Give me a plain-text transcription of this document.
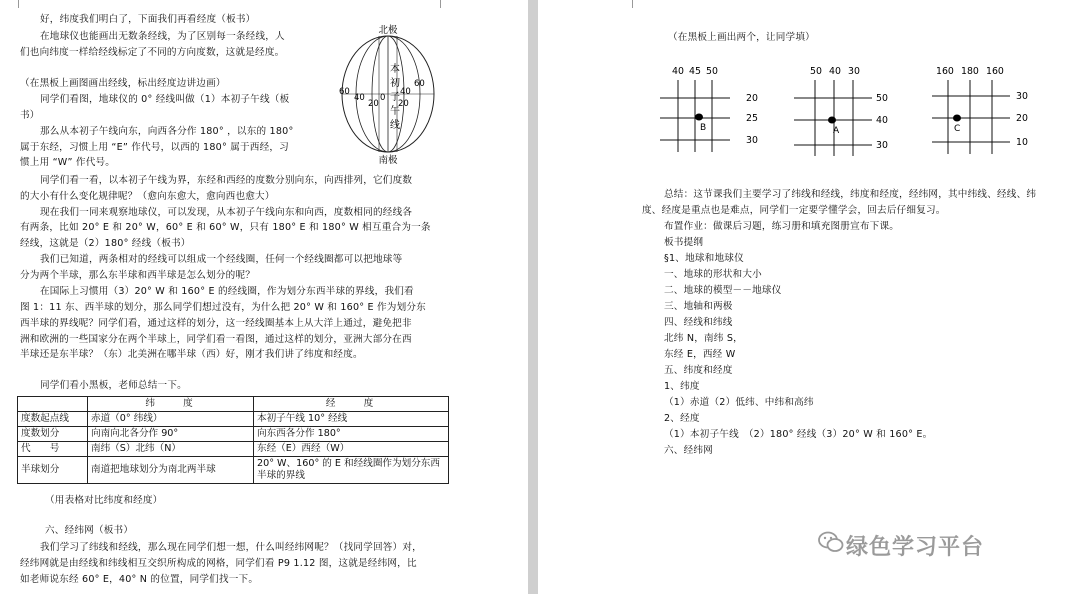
好，纬度我们明白了，下面我们再看经度（板书）
在地球仪也能画出无数条经线，为了区别每一条经线，人
们也向纬度一样给经线标定了不同的方向度数，这就是经度。
（在黑板上画图画出经线，标出经度边讲边画）
同学们看图，地球仪的 0° 经线叫做（1）本初子午线（板
书）
那么从本初子午线向东，向西各分作 180° ，以东的 180°
属于东经，习惯上用 “E” 作代号，以西的 180° 属于西经，习
惯上用 “W” 作代号。
同学们看一看，以本初子午线为界，东经和西经的度数分别向东，向西排列，它们度数
的大小有什么变化规律呢？（愈向东愈大，愈向西也愈大）
现在我们一同来观察地球仪，可以发现，从本初子午线向东和向西，度数相同的经线各
有两条，比如 20° E 和 20° W，60° E 和 60° W，只有 180° E 和 180° W 相互重合为一条
经线，这就是（2）180° 经线（板书）
我们已知道，两条相对的经线可以组成一个经线圈，任何一个经线圈都可以把地球等
分为两个半球，那么东半球和西半球是怎么划分的呢？
在国际上习惯用（3）20° W 和 160° E 的经线圈，作为划分东西半球的界线，我们看
图 1：11 东、西半球的划分，那么同学们想过没有，为什么把 20° W 和 160° E 作为划分东
西半球的界线呢？同学们看，通过这样的划分，这一经线圈基本上从大洋上通过，避免把非
洲和欧洲的一些国家分在两个半球上，同学们看一看图，通过这样的划分，亚洲大部分在西
半球还是东半球？（东）北美洲在哪半球（西）好，刚才我们讲了纬度和经度。
同学们看小黑板，老师总结一下。
北极
南极
本
初
子
午
线
60
40
20
0
20
40
60
	纬　　度	经　　度
度数起点线	赤道（0° 纬线）	本初子午线 10° 经线
度数划分	向南向北各分作 90°	向东西各分作 180°
代　　号	南纬（S）北纬（N）	东经（E）西经（W）
半球划分	南道把地球划分为南北两半球	20° W、160° 的 E 和经线圈作为划分东西半球的界线
（用表格对比纬度和经度）
六、经纬网（板书）
我们学习了纬线和经线，那么现在同学们想一想，什么叫经纬网呢？（找同学回答）对，
经纬网就是由经线和纬线相互交织所构成的网格，同学们看 P9 1.12 图，这就是经纬网，比
如老师说东经 60° E，40° N 的位置，同学们找一下。
（在黑板上画出两个，让同学填）
40 45 50
20
25
30
B
50 40 30
50
40
30
A
160 180 160
30
20
10
C
总结：这节课我们主要学习了纬线和经线，纬度和经度，经纬网，其中纬线、经线、纬
度、经度是重点也是难点，同学们一定要学懂学会，回去后仔细复习。
布置作业：做课后习题，练习册和填充图册宣布下课。
板书提纲
§1、地球和地球仪
一、地球的形状和大小
二、地球的模型－－地球仪
三、地轴和两极
四、经线和纬线
北纬 N，南纬 S，
东经 E，西经 W
五、纬度和经度
1、纬度
（1）赤道（2）低纬、中纬和高纬
2、经度
（1）本初子午线　（2）180° 经线（3）20° W 和 160° E。
六、经纬网
绿色学习平台
